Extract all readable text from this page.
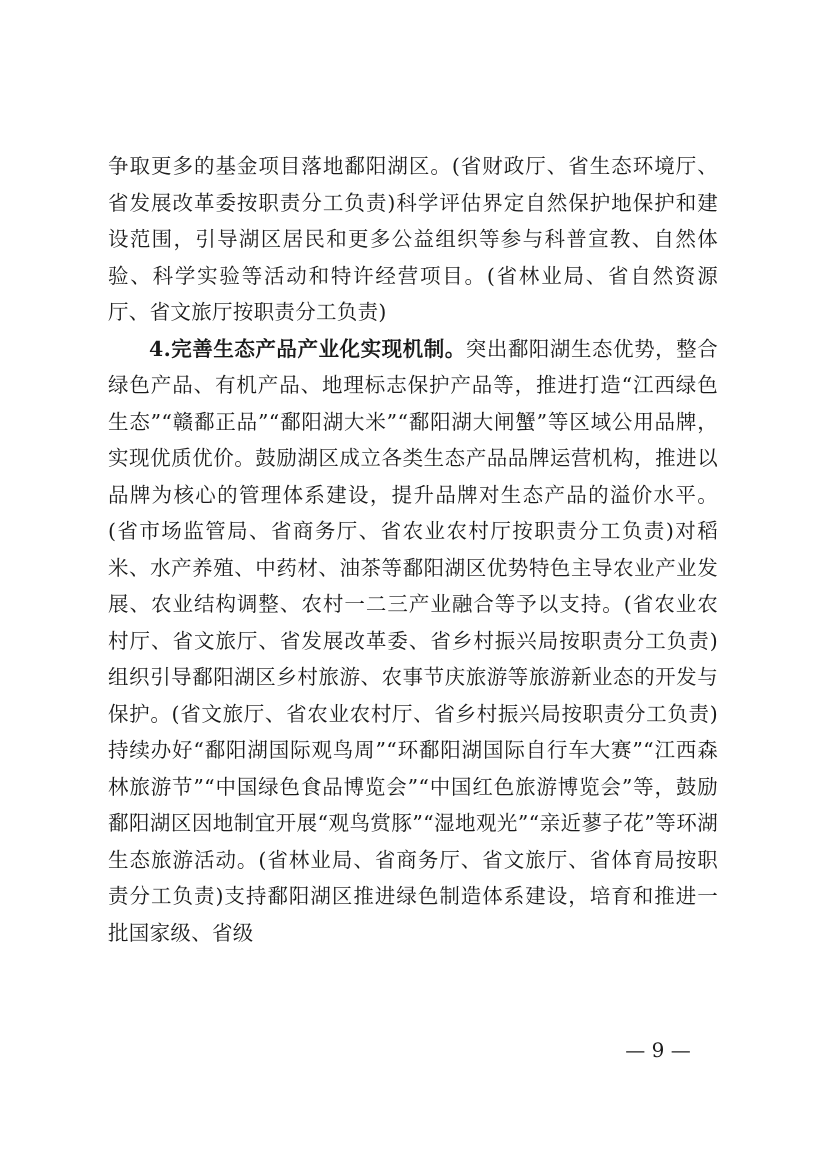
争取更多的基金项目落地鄱阳湖区。(省财政厅、省生态环境厅、省发展改革委按职责分工负责)科学评估界定自然保护地保护和建设范围，引导湖区居民和更多公益组织等参与科普宣教、自然体验、科学实验等活动和特许经营项目。(省林业局、省自然资源厅、省文旅厅按职责分工负责)

4.完善生态产品产业化实现机制。突出鄱阳湖生态优势，整合绿色产品、有机产品、地理标志保护产品等，推进打造“江西绿色生态”“赣鄱正品”“鄱阳湖大米”“鄱阳湖大闸蟹”等区域公用品牌，实现优质优价。鼓励湖区成立各类生态产品品牌运营机构，推进以品牌为核心的管理体系建设，提升品牌对生态产品的溢价水平。(省市场监管局、省商务厅、省农业农村厅按职责分工负责)对稻米、水产养殖、中药材、油茶等鄱阳湖区优势特色主导农业产业发展、农业结构调整、农村一二三产业融合等予以支持。(省农业农村厅、省文旅厅、省发展改革委、省乡村振兴局按职责分工负责)组织引导鄱阳湖区乡村旅游、农事节庆旅游等旅游新业态的开发与保护。(省文旅厅、省农业农村厅、省乡村振兴局按职责分工负责)持续办好“鄱阳湖国际观鸟周”“环鄱阳湖国际自行车大赛”“江西森林旅游节”“中国绿色食品博览会”“中国红色旅游博览会”等，鼓励鄱阳湖区因地制宜开展“观鸟赏豚”“湿地观光”“亲近蓼子花”等环湖生态旅游活动。(省林业局、省商务厅、省文旅厅、省体育局按职责分工负责)支持鄱阳湖区推进绿色制造体系建设，培育和推进一批国家级、省级

— 9 —
